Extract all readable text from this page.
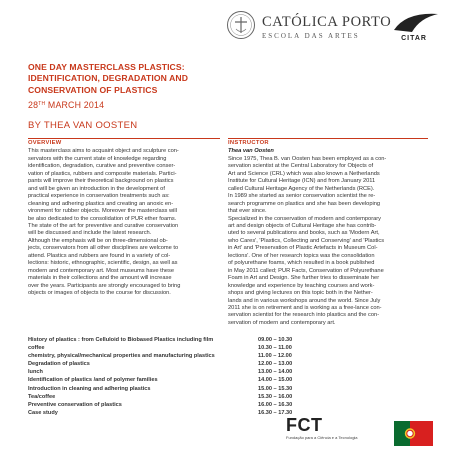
CATÓLICA PORTO
ESCOLA DAS ARTES	CITAR
ONE DAY MASTERCLASS PLASTICS:
IDENTIFICATION, DEGRADATION AND
CONSERVATION OF PLASTICS
28TH MARCH 2014
BY THEA VAN OOSTEN
OVERVIEW
This masterclass aims to acquaint object and sculpture con-
servators with the current state of knowledge regarding
identification, degradation, curative and preventive conser-
vation of plastics, rubbers and composite materials. Partici-
pants will improve their theoretical background on plastics
and will be given an introduction in the development of
practical experience in conservation treatments such as:
cleaning and adhering plastics and creating an anoxic en-
vironment for rubber objects. Moreover the masterclass will
be also dedicated to the consolidation of PUR ether foams.
The state of the art for preventive and curative conservation
will be discussed and include the latest research.
Although the emphasis will be on three-dimensional ob-
jects, conservators from all other disciplines are welcome to
attend. Plastics and rubbers are found in a variety of col-
lections: historic, ethnographic, scientific, design, as well as
modern and contemporary art. Most museums have these
materials in their collections and the amount will increase
over the years. Participants are strongly encouraged to bring
objects or images of objects to the course for discussion.
INSTRUCTOR
Thea van Oosten
Since 1975, Thea B. van Oosten has been employed as a con-
servation scientist at the Central Laboratory for Objects of
Art and Science (CRL) which was also known a Netherlands
Institute for Cultural Heritage (ICN) and from January 2011
called Cultural Heritage Agency of the Netherlands (RCE).
In 1989 she started as senior conservation scientist the re-
search programme on plastics and she has been developing
that ever since.
Specialized in the conservation of modern and contemporary
art and design objects of Cultural Heritage she has contrib-
uted to several publications and books, such as 'Modern Art,
who Cares', 'Plastics, Collecting and Conserving' and 'Plastics
in Art' and 'Preservation of Plastic Artefacts in Museum Col-
lections'. One of her research topics was the consolidation
of polyurethane foams, which resulted in a book published
in May 2011 called; PUR Facts, Conservation of Polyurethane
Foam in Art and Design. She further tries to disseminate her
knowledge and experience by teaching courses and work-
shops and giving lectures on this topic both in the Nether-
lands and in various workshops around the world. Since July
2011 she is on retirement and is working as a free-lance con-
servation scientist for the research into plastics and the con-
servation of modern and contemporary art.
History of plastics : from Celluloid to Biobased Plastics including film	09.00 – 10.30
coffee	10.30 – 11.00
chemistry, physical/mechanical properties and manufacturing plastics	11.00 – 12.00
Degradation of plastics	12.00 – 13.00
lunch	13.00 – 14.00
Identification of plastics /and of polymer families	14.00 – 15.00
Introduction in cleaning and adhering plastics	15.00 – 15.30
Tea/coffee	15.30 – 16.00
Preventive conservation of plastics	16.00 – 16.30
Case study	16.30 – 17.30
FCT
Fundação para a Ciência e a Tecnologia
